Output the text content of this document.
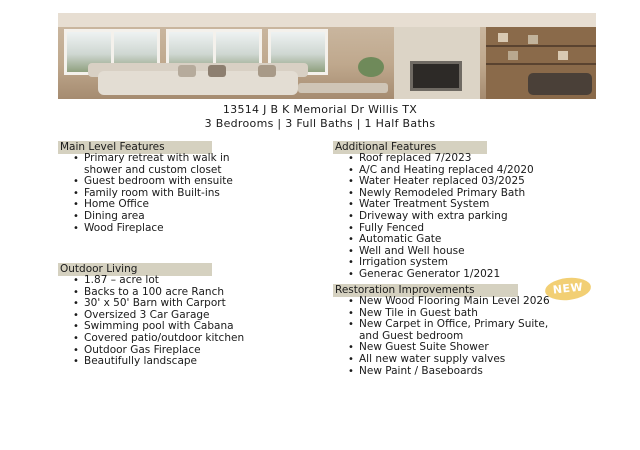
13514 J B K Memorial Dr Willis TX
3 Bedrooms | 3 Full Baths | 1 Half Baths
Main Level Features
• Primary retreat with walk in
shower and custom closet
• Guest bedroom with ensuite
• Family room with Built-ins
• Home Office
• Dining area
• Wood Fireplace
Outdoor Living
• 1.87 – acre lot
• Backs to a 100 acre Ranch
• 30' x 50' Barn with Carport
• Oversized 3 Car Garage
• Swimming pool with Cabana
• Covered patio/outdoor kitchen
• Outdoor Gas Fireplace
• Beautifully landscape
Additional Features
• Roof replaced 7/2023
• A/C and Heating replaced 4/2020
• Water Heater replaced 03/2025
• Newly Remodeled Primary Bath
• Water Treatment System
• Driveway with extra parking
• Fully Fenced
• Automatic Gate
• Well and Well house
• Irrigation system
• Generac Generator 1/2021
Restoration Improvements	NEW
• New Wood Flooring Main Level 2026
• New Tile in Guest bath
• New Carpet in Office, Primary Suite,
and Guest bedroom
• New Guest Suite Shower
• All new water supply valves
• New Paint / Baseboards
